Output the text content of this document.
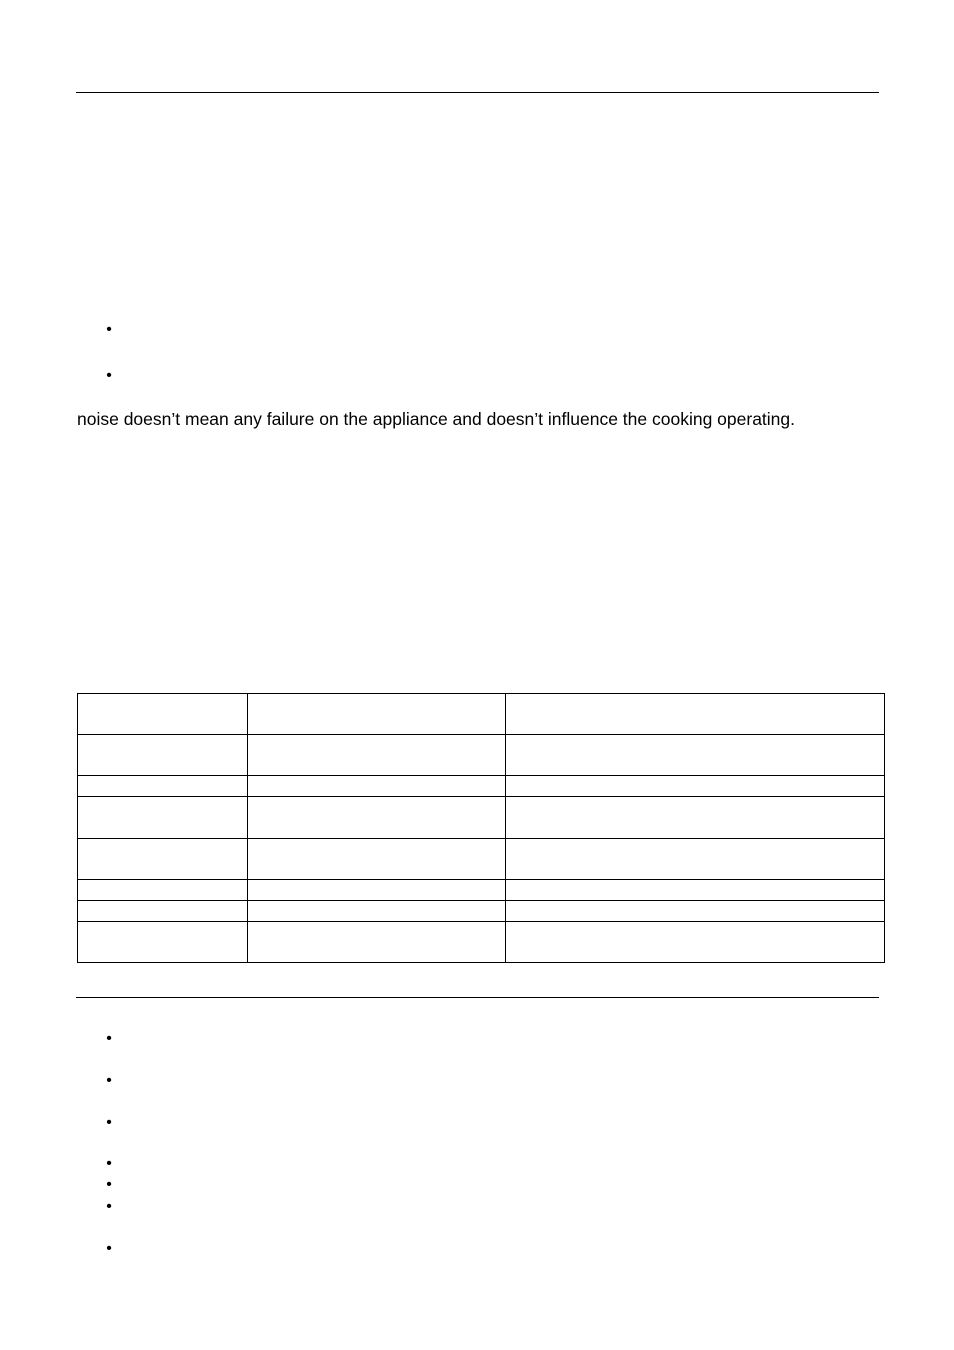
•
•
noise doesn’t mean any failure on the appliance and doesn’t influence the cooking operating.

•
•
•
•
•
•
•
